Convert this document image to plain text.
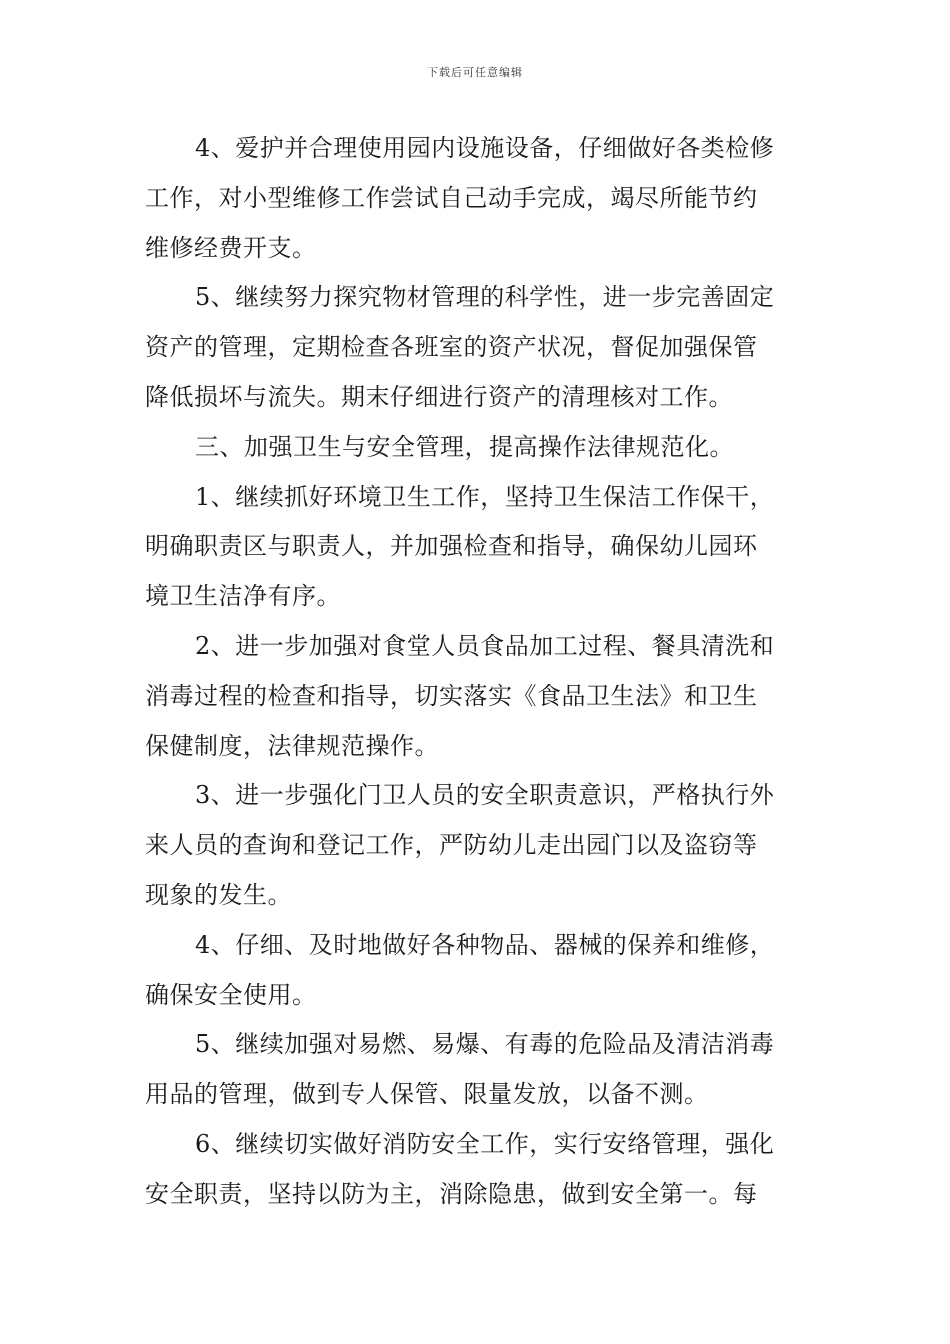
下载后可任意编辑
4、爱护并合理使用园内设施设备，仔细做好各类检修
工作，对小型维修工作尝试自己动手完成，竭尽所能节约
维修经费开支。
5、继续努力探究物材管理的科学性，进一步完善固定
资产的管理，定期检查各班室的资产状况，督促加强保管
降低损坏与流失。期末仔细进行资产的清理核对工作。
三、加强卫生与安全管理，提高操作法律规范化。
1、继续抓好环境卫生工作，坚持卫生保洁工作保干，
明确职责区与职责人，并加强检查和指导，确保幼儿园环
境卫生洁净有序。
2、进一步加强对食堂人员食品加工过程、餐具清洗和
消毒过程的检查和指导，切实落实《食品卫生法》和卫生
保健制度，法律规范操作。
3、进一步强化门卫人员的安全职责意识，严格执行外
来人员的查询和登记工作，严防幼儿走出园门以及盗窃等
现象的发生。
4、仔细、及时地做好各种物品、器械的保养和维修，
确保安全使用。
5、继续加强对易燃、易爆、有毒的危险品及清洁消毒
用品的管理，做到专人保管、限量发放，以备不测。
6、继续切实做好消防安全工作，实行安络管理，强化
安全职责，坚持以防为主，消除隐患，做到安全第一。每
